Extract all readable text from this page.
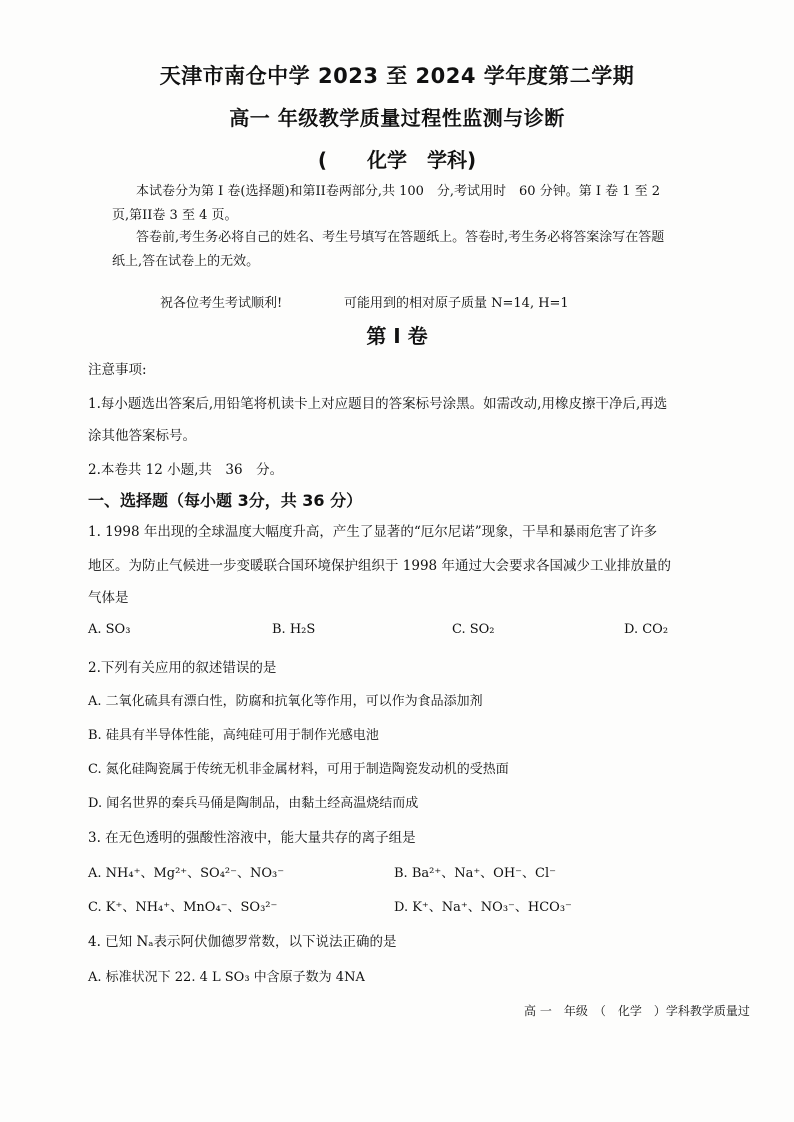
天津市南仓中学 2023 至 2024 学年度第二学期
高一 年级教学质量过程性监测与诊断
(　　化学　学科)
本试卷分为第 I 卷(选择题)和第II卷两部分,共 100　分,考试用时　60 分钟。第 I 卷 1 至 2
页,第II卷 3 至 4 页。
答卷前,考生务必将自己的姓名、考生号填写在答题纸上。答卷时,考生务必将答案涂写在答题
纸上,答在试卷上的无效。
祝各位考生考试顺利!	可能用到的相对原子质量 N=14, H=1
第 I 卷
注意事项:
1.每小题选出答案后,用铅笔将机读卡上对应题目的答案标号涂黑。如需改动,用橡皮擦干净后,再选
涂其他答案标号。
2.本卷共 12 小题,共　36　分。
一、选择题（每小题 3分，共 36 分）
1. 1998 年出现的全球温度大幅度升高，产生了显著的“厄尔尼诺”现象，干旱和暴雨危害了许多
地区。为防止气候进一步变暖联合国环境保护组织于 1998 年通过大会要求各国减少工业排放量的
气体是
A. SO₃	B. H₂S	C. SO₂	D. CO₂
2.下列有关应用的叙述错误的是
A. 二氧化硫具有漂白性，防腐和抗氧化等作用，可以作为食品添加剂
B. 硅具有半导体性能，高纯硅可用于制作光感电池
C. 氮化硅陶瓷属于传统无机非金属材料，可用于制造陶瓷发动机的受热面
D. 闻名世界的秦兵马俑是陶制品，由黏土经高温烧结而成
3. 在无色透明的强酸性溶液中，能大量共存的离子组是
A. NH₄⁺、Mg²⁺、SO₄²⁻、NO₃⁻	B. Ba²⁺、Na⁺、OH⁻、Cl⁻
C. K⁺、NH₄⁺、MnO₄⁻、SO₃²⁻	D. K⁺、Na⁺、NO₃⁻、HCO₃⁻
4. 已知 Nₐ表示阿伏伽德罗常数，以下说法正确的是
A. 标准状况下 22. 4 L SO₃ 中含原子数为 4NA
高 一　年级　（　化学　）学科教学质量过
